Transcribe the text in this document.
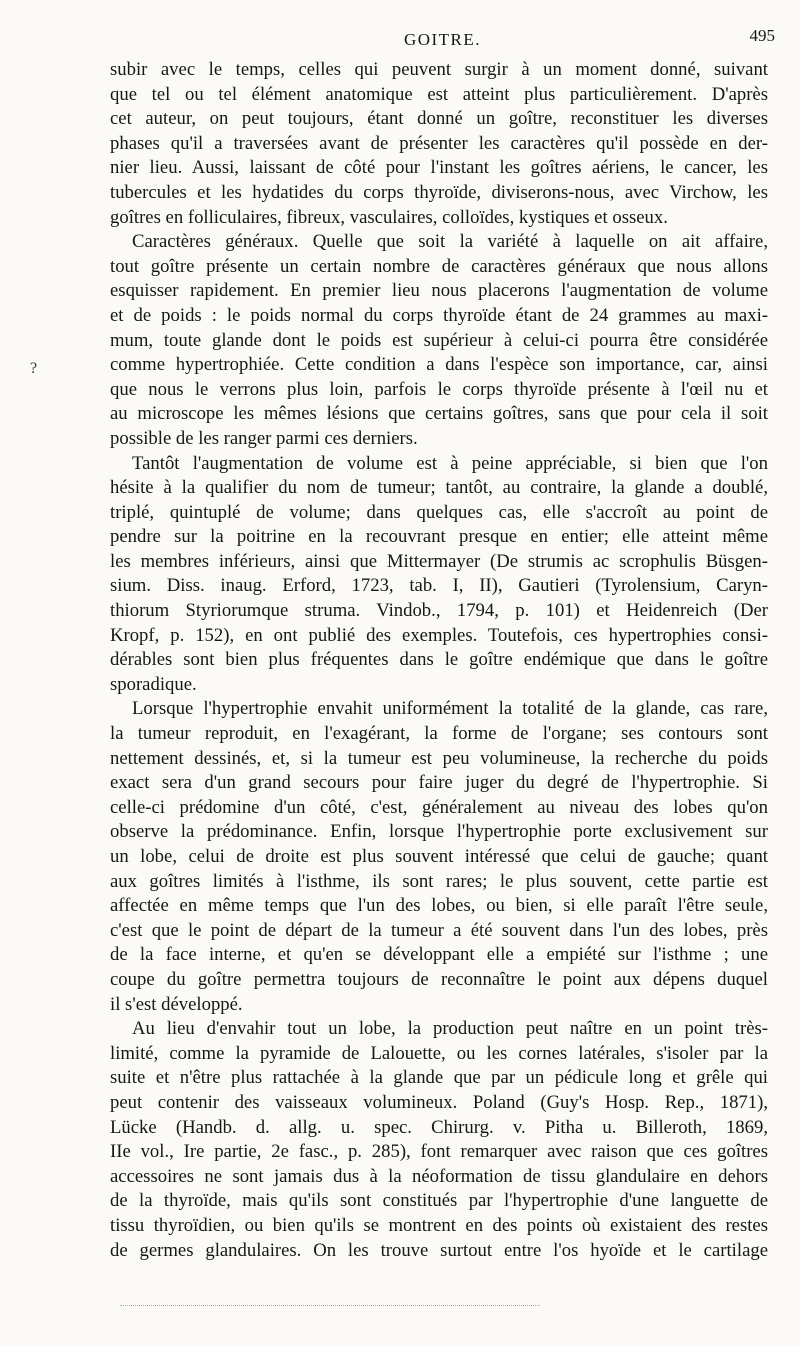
GOITRE.	495
?

subir avec le temps, celles qui peuvent surgir à un moment donné, suivant
que tel ou tel élément anatomique est atteint plus particulièrement. D'après
cet auteur, on peut toujours, étant donné un goître, reconstituer les diverses
phases qu'il a traversées avant de présenter les caractères qu'il possède en der-
nier lieu. Aussi, laissant de côté pour l'instant les goîtres aériens, le cancer, les
tubercules et les hydatides du corps thyroïde, diviserons-nous, avec Virchow, les
goîtres en folliculaires, fibreux, vasculaires, colloïdes, kystiques et osseux.

Caractères généraux. Quelle que soit la variété à laquelle on ait affaire,
tout goître présente un certain nombre de caractères généraux que nous allons
esquisser rapidement. En premier lieu nous placerons l'augmentation de volume
et de poids : le poids normal du corps thyroïde étant de 24 grammes au maxi-
mum, toute glande dont le poids est supérieur à celui-ci pourra être considérée
comme hypertrophiée. Cette condition a dans l'espèce son importance, car, ainsi
que nous le verrons plus loin, parfois le corps thyroïde présente à l'œil nu et
au microscope les mêmes lésions que certains goîtres, sans que pour cela il soit
possible de les ranger parmi ces derniers.

Tantôt l'augmentation de volume est à peine appréciable, si bien que l'on
hésite à la qualifier du nom de tumeur; tantôt, au contraire, la glande a doublé,
triplé, quintuplé de volume; dans quelques cas, elle s'accroît au point de
pendre sur la poitrine en la recouvrant presque en entier; elle atteint même
les membres inférieurs, ainsi que Mittermayer (De strumis ac scrophulis Büsgen-
sium. Diss. inaug. Erford, 1723, tab. I, II), Gautieri (Tyrolensium, Caryn-
thiorum Styriorumque struma. Vindob., 1794, p. 101) et Heidenreich (Der
Kropf, p. 152), en ont publié des exemples. Toutefois, ces hypertrophies consi-
dérables sont bien plus fréquentes dans le goître endémique que dans le goître
sporadique.

Lorsque l'hypertrophie envahit uniformément la totalité de la glande, cas rare,
la tumeur reproduit, en l'exagérant, la forme de l'organe; ses contours sont
nettement dessinés, et, si la tumeur est peu volumineuse, la recherche du poids
exact sera d'un grand secours pour faire juger du degré de l'hypertrophie. Si
celle-ci prédomine d'un côté, c'est, généralement au niveau des lobes qu'on
observe la prédominance. Enfin, lorsque l'hypertrophie porte exclusivement sur
un lobe, celui de droite est plus souvent intéressé que celui de gauche; quant
aux goîtres limités à l'isthme, ils sont rares; le plus souvent, cette partie est
affectée en même temps que l'un des lobes, ou bien, si elle paraît l'être seule,
c'est que le point de départ de la tumeur a été souvent dans l'un des lobes, près
de la face interne, et qu'en se développant elle a empiété sur l'isthme ; une
coupe du goître permettra toujours de reconnaître le point aux dépens duquel
il s'est développé.

Au lieu d'envahir tout un lobe, la production peut naître en un point très-
limité, comme la pyramide de Lalouette, ou les cornes latérales, s'isoler par la
suite et n'être plus rattachée à la glande que par un pédicule long et grêle qui
peut contenir des vaisseaux volumineux. Poland (Guy's Hosp. Rep., 1871),
Lücke (Handb. d. allg. u. spec. Chirurg. v. Pitha u. Billeroth, 1869,
IIe vol., Ire partie, 2e fasc., p. 285), font remarquer avec raison que ces goîtres
accessoires ne sont jamais dus à la néoformation de tissu glandulaire en dehors
de la thyroïde, mais qu'ils sont constitués par l'hypertrophie d'une languette de
tissu thyroïdien, ou bien qu'ils se montrent en des points où existaient des restes
de germes glandulaires. On les trouve surtout entre l'os hyoïde et le cartilage
